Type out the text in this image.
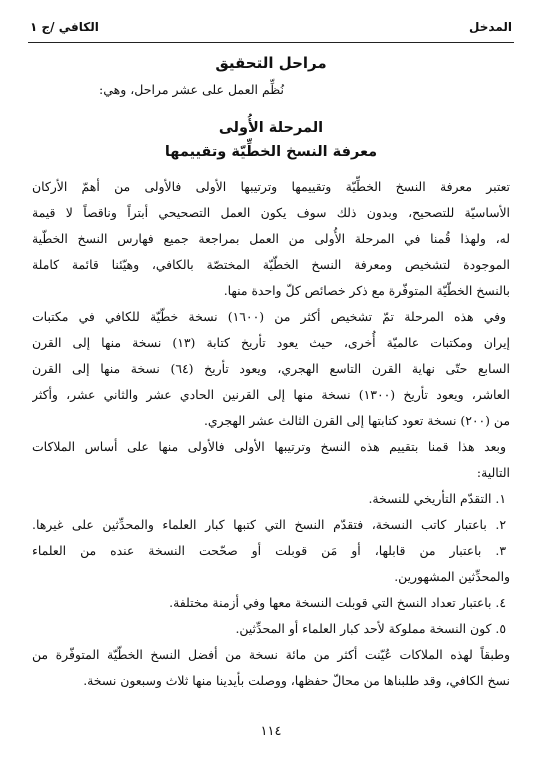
المدخل
الكافي /ج ١
مراحل التحقيق
نُظِّم العمل على عشر مراحل، وهي:
المرحلة الأُولى
معرفة النسخ الخطِّيّة وتقييمها
تعتبر معرفة النسخ الخطِّيّة وتقييمها وترتيبها الأولى فالأولى من أهمّ الأركان
الأساسيّة للتصحيح، وبدون ذلك سوف يكون العمل التصحيحي أبتراً وناقصاً لا قيمة
له، ولهذا قُمنا في المرحلة الأُولى من العمل بمراجعة جميع فهارس النسخ الخطّية
الموجودة لتشخيص ومعرفة النسخ الخطّيّة المختصّة بالكافي، وهيّئنا قائمة كاملة
بالنسخ الخطّيّة المتوفّرة مع ذكر خصائص كلّ واحدة منها.
وفي هذه المرحلة تمّ تشخيص أكثر من (١٦٠٠) نسخة خطّيّة للكافي في مكتبات
إيران ومكتبات عالميّة أُخرى، حيث يعود تأريخ كتابة (١٣) نسخة منها إلى القرن
السابع حتّى نهاية القرن التاسع الهجري، ويعود تأريخ (٦٤) نسخة منها إلى القرن
العاشر، ويعود تأريخ (١٣٠٠) نسخة منها إلى القرنين الحادي عشر والثاني عشر، وأكثر
من (٢٠٠) نسخة تعود كتابتها إلى القرن الثالث عشر الهجري.
وبعد هذا قمنا بتقييم هذه النسخ وترتيبها الأولى فالأولى منها على أساس الملاكات
التالية:
١. التقدّم التأريخي للنسخة.
٢. باعتبار كاتب النسخة، فتقدّم النسخ التي كتبها كبار العلماء والمحدِّثين على غيرها.
٣. باعتبار من قابلها، أو مَن قوبلت أو صحّحت النسخة عنده من العلماء
والمحدِّثين المشهورين.
٤. باعتبار تعداد النسخ التي قوبلت النسخة معها وفي أزمنة مختلفة.
٥. كون النسخة مملوكة لأحد كبار العلماء أو المحدِّثين.
وطبقاً لهذه الملاكات عُيّنت أكثر من مائة نسخة من أفضل النسخ الخطّيّة المتوفّرة من
نسخ الكافي، وقد طلبناها من محالّ حفظها، ووصلت بأيدينا منها ثلاث وسبعون نسخة.
١١٤
